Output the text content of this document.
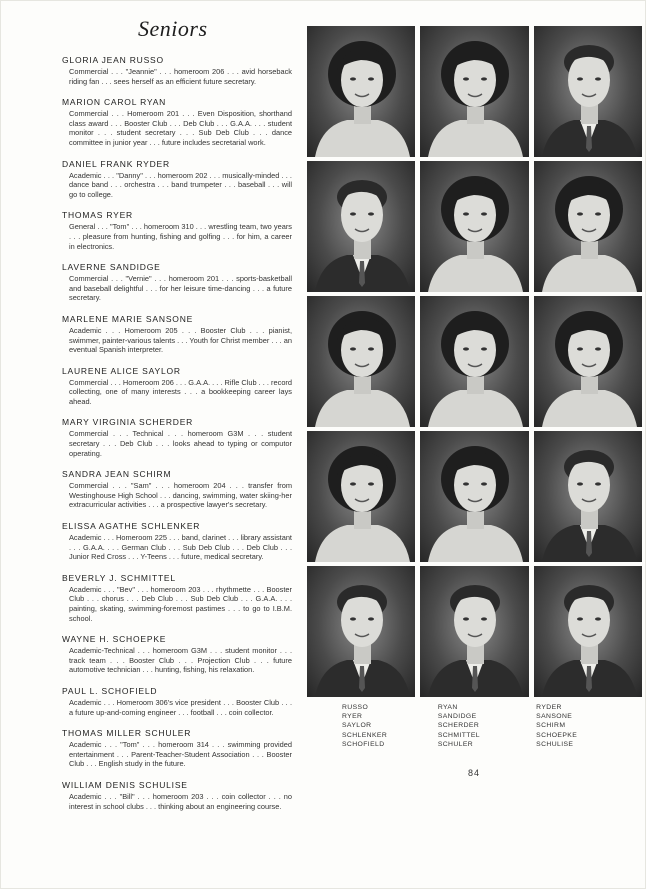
Seniors
GLORIA JEAN RUSSO
Commercial . . . "Jeannie" . . . homeroom 206 . . . avid horseback riding fan . . . sees herself as an efficient future secretary.
MARION CAROL RYAN
Commercial . . . Homeroom 201 . . . Even Disposition, shorthand class award . . . Booster Club . . . Deb Club . . . G.A.A. . . . student monitor . . . student secretary . . . Sub Deb Club . . . dance committee in junior year . . . future includes secretarial work.
DANIEL FRANK RYDER
Academic . . . "Danny" . . . homeroom 202 . . . musically-minded . . . dance band . . . orchestra . . . band trumpeter . . . baseball . . . will go to college.
THOMAS RYER
General . . . "Tom" . . . homeroom 310 . . . wrestling team, two years . . . pleasure from hunting, fishing and golfing . . . for him, a career in electronics.
LAVERNE SANDIDGE
Commercial . . . "Vernie" . . . homeroom 201 . . . sports-basketball and baseball delightful . . . for her leisure time-dancing . . . a future secretary.
MARLENE MARIE SANSONE
Academic . . . Homeroom 205 . . . Booster Club . . . pianist, swimmer, painter-various talents . . . Youth for Christ member . . . an eventual Spanish interpreter.
LAURENE ALICE SAYLOR
Commercial . . . Homeroom 206 . . . G.A.A. . . . Rifle Club . . . record collecting, one of many interests . . . a bookkeeping career lays ahead.
MARY VIRGINIA SCHERDER
Commercial . . . Technical . . . homeroom G3M . . . student secretary . . . Deb Club . . . looks ahead to typing or computor operating.
SANDRA JEAN SCHIRM
Commercial . . . "Sam" . . . homeroom 204 . . . transfer from Westinghouse High School . . . dancing, swimming, water skiing-her extracurricular activities . . . a prospective lawyer's secretary.
ELISSA AGATHE SCHLENKER
Academic . . . Homeroom 225 . . . band, clarinet . . . library assistant . . . G.A.A. . . . German Club . . . Sub Deb Club . . . Deb Club . . . Junior Red Cross . . . Y-Teens . . . future, medical secretary.
BEVERLY J. SCHMITTEL
Academic . . . "Bev" . . . homeroom 203 . . . rhythmette . . . Booster Club . . . chorus . . . Deb Club . . . Sub Deb Club . . . G.A.A. . . . painting, skating, swimming-foremost pastimes . . . to go to I.B.M. school.
WAYNE H. SCHOEPKE
Academic-Technical . . . homeroom G3M . . . student monitor . . . track team . . . Booster Club . . . Projection Club . . . future automotive technician . . . hunting, fishing, his relaxation.
PAUL L. SCHOFIELD
Academic . . . Homeroom 306's vice president . . . Booster Club . . . a future up-and-coming engineer . . . football . . . coin collector.
THOMAS MILLER SCHULER
Academic . . . "Tom" . . . homeroom 314 . . . swimming provided entertainment . . . Parent-Teacher-Student Association . . . Booster Club . . . English study in the future.
WILLIAM DENIS SCHULISE
Academic . . . "Bill" . . . homeroom 203 . . . coin collector . . . no interest in school clubs . . . thinking about an engineering course.
RUSSO
RYER
SAYLOR
SCHLENKER
SCHOFIELD
RYAN
SANDIDGE
SCHERDER
SCHMITTEL
SCHULER
RYDER
SANSONE
SCHIRM
SCHOEPKE
SCHULISE
84
